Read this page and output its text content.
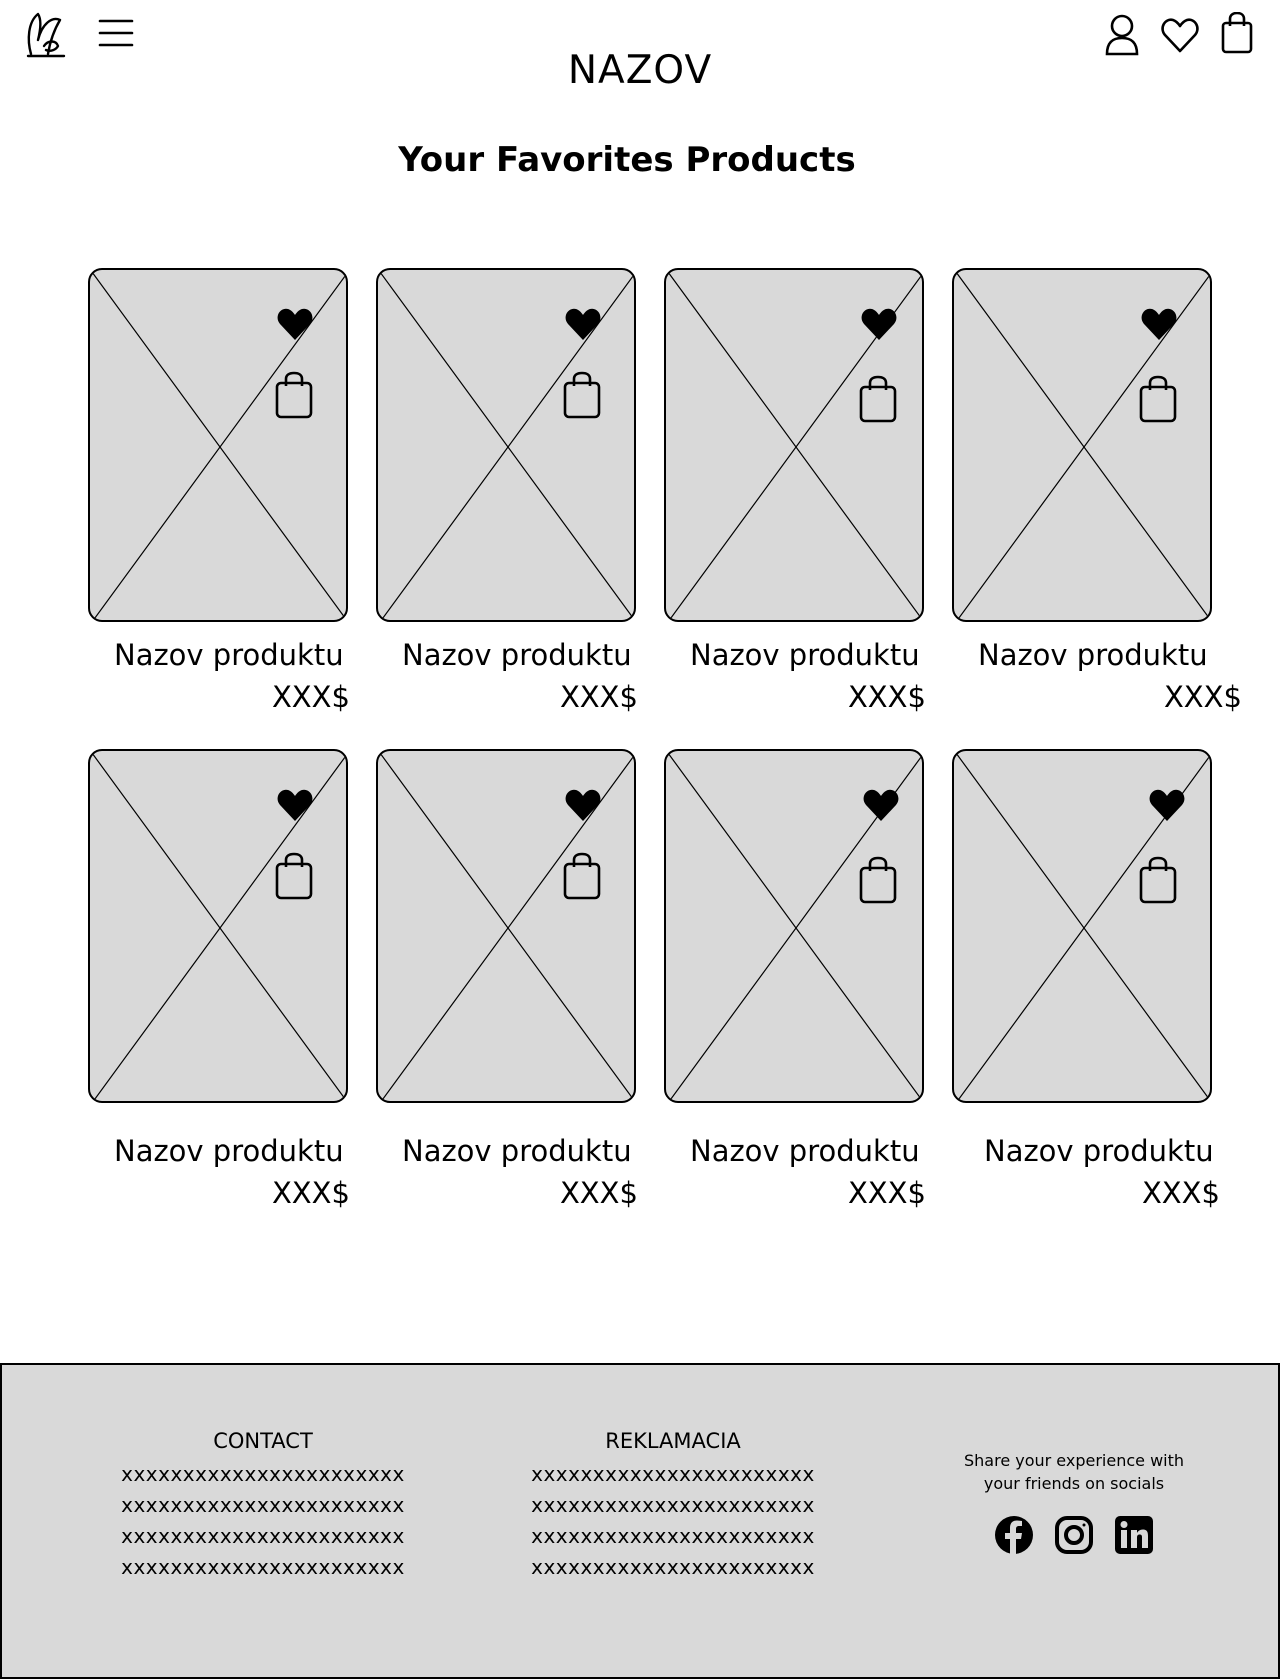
NAZOV
Your Favorites Products
Nazov produktu
XXX$
Nazov produktu
XXX$
Nazov produktu
XXX$
Nazov produktu
XXX$
Nazov produktu
XXX$
Nazov produktu
XXX$
Nazov produktu
XXX$
Nazov produktu
XXX$
CONTACT
xxxxxxxxxxxxxxxxxxxxxxx
xxxxxxxxxxxxxxxxxxxxxxx
xxxxxxxxxxxxxxxxxxxxxxx
xxxxxxxxxxxxxxxxxxxxxxx
REKLAMACIA
xxxxxxxxxxxxxxxxxxxxxxx
xxxxxxxxxxxxxxxxxxxxxxx
xxxxxxxxxxxxxxxxxxxxxxx
xxxxxxxxxxxxxxxxxxxxxxx
Share your experience with
your friends on socials
